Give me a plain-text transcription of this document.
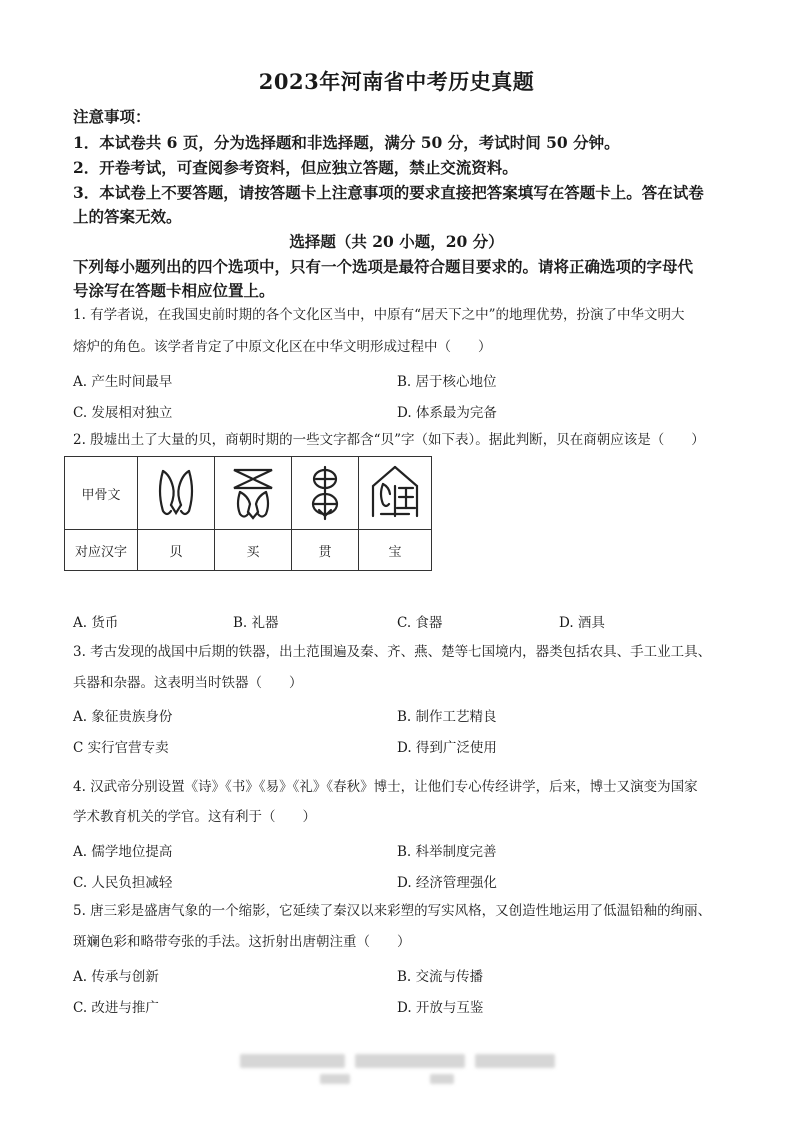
2023年河南省中考历史真题
注意事项：
1．本试卷共 6 页，分为选择题和非选择题，满分 50 分，考试时间 50 分钟。
2．开卷考试，可查阅参考资料，但应独立答题，禁止交流资料。
3．本试卷上不要答题，请按答题卡上注意事项的要求直接把答案填写在答题卡上。答在试卷
上的答案无效。
选择题（共 20 小题，20 分）
下列每小题列出的四个选项中，只有一个选项是最符合题目要求的。请将正确选项的字母代
号涂写在答题卡相应位置上。
1. 有学者说，在我国史前时期的各个文化区当中，中原有“居天下之中”的地理优势，扮演了中华文明大
熔炉的角色。该学者肯定了中原文化区在中华文明形成过程中（　　）
A. 产生时间最早	B. 居于核心地位
C. 发展相对独立	D. 体系最为完备
2. 殷墟出土了大量的贝，商朝时期的一些文字都含“贝”字（如下表）。据此判断，贝在商朝应该是（　　）
甲骨文	

对应汉字	贝	买	贯	宝
A. 货币	B. 礼器	C. 食器	D. 酒具
3. 考古发现的战国中后期的铁器，出土范围遍及秦、齐、燕、楚等七国境内，器类包括农具、手工业工具、
兵器和杂器。这表明当时铁器（　　）
A. 象征贵族身份	B. 制作工艺精良
C 实行官营专卖	D. 得到广泛使用
4. 汉武帝分别设置《诗》《书》《易》《礼》《春秋》博士，让他们专心传经讲学，后来，博士又演变为国家
学术教育机关的学官。这有利于（　　）
A. 儒学地位提高	B. 科举制度完善
C. 人民负担减轻	D. 经济管理强化
5. 唐三彩是盛唐气象的一个缩影，它延续了秦汉以来彩塑的写实风格，又创造性地运用了低温铅釉的绚丽、
斑斓色彩和略带夸张的手法。这折射出唐朝注重（　　）
A. 传承与创新	B. 交流与传播
C. 改进与推广	D. 开放与互鉴
